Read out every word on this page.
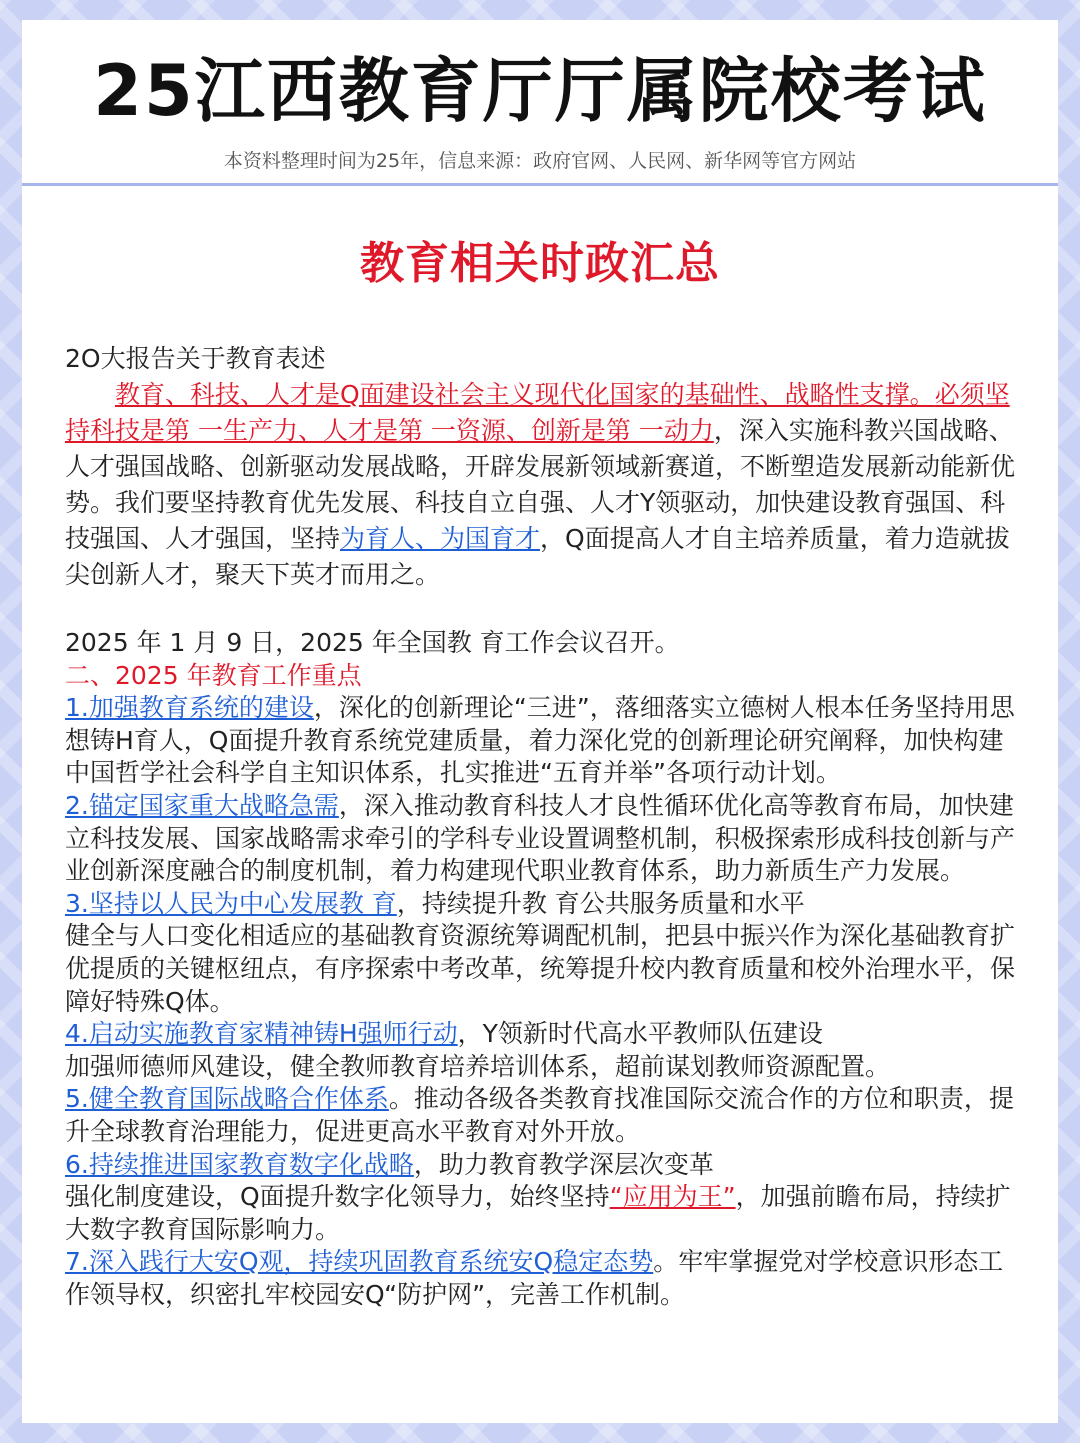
25江西教育厅厅属院校考试
本资料整理时间为25年，信息来源：政府官网、人民网、新华网等官方网站
教育相关时政汇总

2O大报告关于教育表述

教育、科技、人才是Q面建设社会主义现代化国家的基础性、战略性支撑。必须坚持科技是第 一生产力、人才是第 一资源、创新是第 一动力，深入实施科教兴国战略、人才强国战略、创新驱动发展战略，开辟发展新领域新赛道，不断塑造发展新动能新优势。我们要坚持教育优先发展、科技自立自强、人才Y领驱动，加快建设教育强国、科技强国、人才强国，坚持为育人、为国育才，Q面提高人才自主培养质量，着力造就拔尖创新人才，聚天下英才而用之。

2025 年 1 月 9 日，2025 年全国教 育工作会议召开。

二、2025 年教育工作重点

1.加强教育系统的建设，深化的创新理论“三进”，落细落实立德树人根本任务坚持用思想铸H育人，Q面提升教育系统党建质量，着力深化党的创新理论研究阐释，加快构建中国哲学社会科学自主知识体系，扎实推进“五育并举”各项行动计划。

2.锚定国家重大战略急需，深入推动教育科技人才良性循环优化高等教育布局，加快建立科技发展、国家战略需求牵引的学科专业设置调整机制，积极探索形成科技创新与产业创新深度融合的制度机制，着力构建现代职业教育体系，助力新质生产力发展。

3.坚持以人民为中心发展教 育，持续提升教 育公共服务质量和水平

健全与人口变化相适应的基础教育资源统筹调配机制，把县中振兴作为深化基础教育扩优提质的关键枢纽点，有序探索中考改革，统筹提升校内教育质量和校外治理水平，保障好特殊Q体。

4.启动实施教育家精神铸H强师行动，Y领新时代高水平教师队伍建设

加强师德师风建设，健全教师教育培养培训体系，超前谋划教师资源配置。

5.健全教育国际战略合作体系。推动各级各类教育找准国际交流合作的方位和职责，提升全球教育治理能力，促进更高水平教育对外开放。

6.持续推进国家教育数字化战略，助力教育教学深层次变革

强化制度建设，Q面提升数字化领导力，始终坚持“应用为王”，加强前瞻布局，持续扩大数字教育国际影响力。

7.深入践行大安Q观，持续巩固教育系统安Q稳定态势。牢牢掌握党对学校意识形态工作领导权，织密扎牢校园安Q“防护网”，完善工作机制。
